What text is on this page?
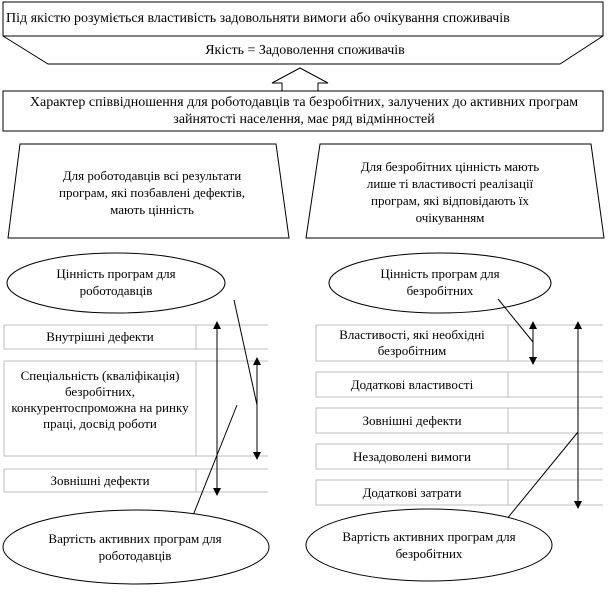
Під якістю розуміється властивість задовольняти вимоги або очікування споживачів
Якість = Задоволення споживачів
Характер співвідношення для роботодавців та безробітних, залучених до активних програм зайнятості населення, має ряд відмінностей
Для роботодавців всі результати програм, які позбавлені дефектів, мають цінність
Для безробітних цінність мають лише ті властивості реалізації програм, які відповідають їх очікуванням
Цінність програм для роботодавців
Цінність програм для безробітних
Внутрішні дефекти
Спеціальність (кваліфікація) безробітних, конкурентоспроможна на ринку праці, досвід роботи
Зовнішні дефекти
Властивості, які необхідні безробітним
Додаткові властивості
Зовнішні дефекти
Незадоволені вимоги
Додаткові затрати
Вартість активних програм для роботодавців
Вартість активних програм для безробітних
